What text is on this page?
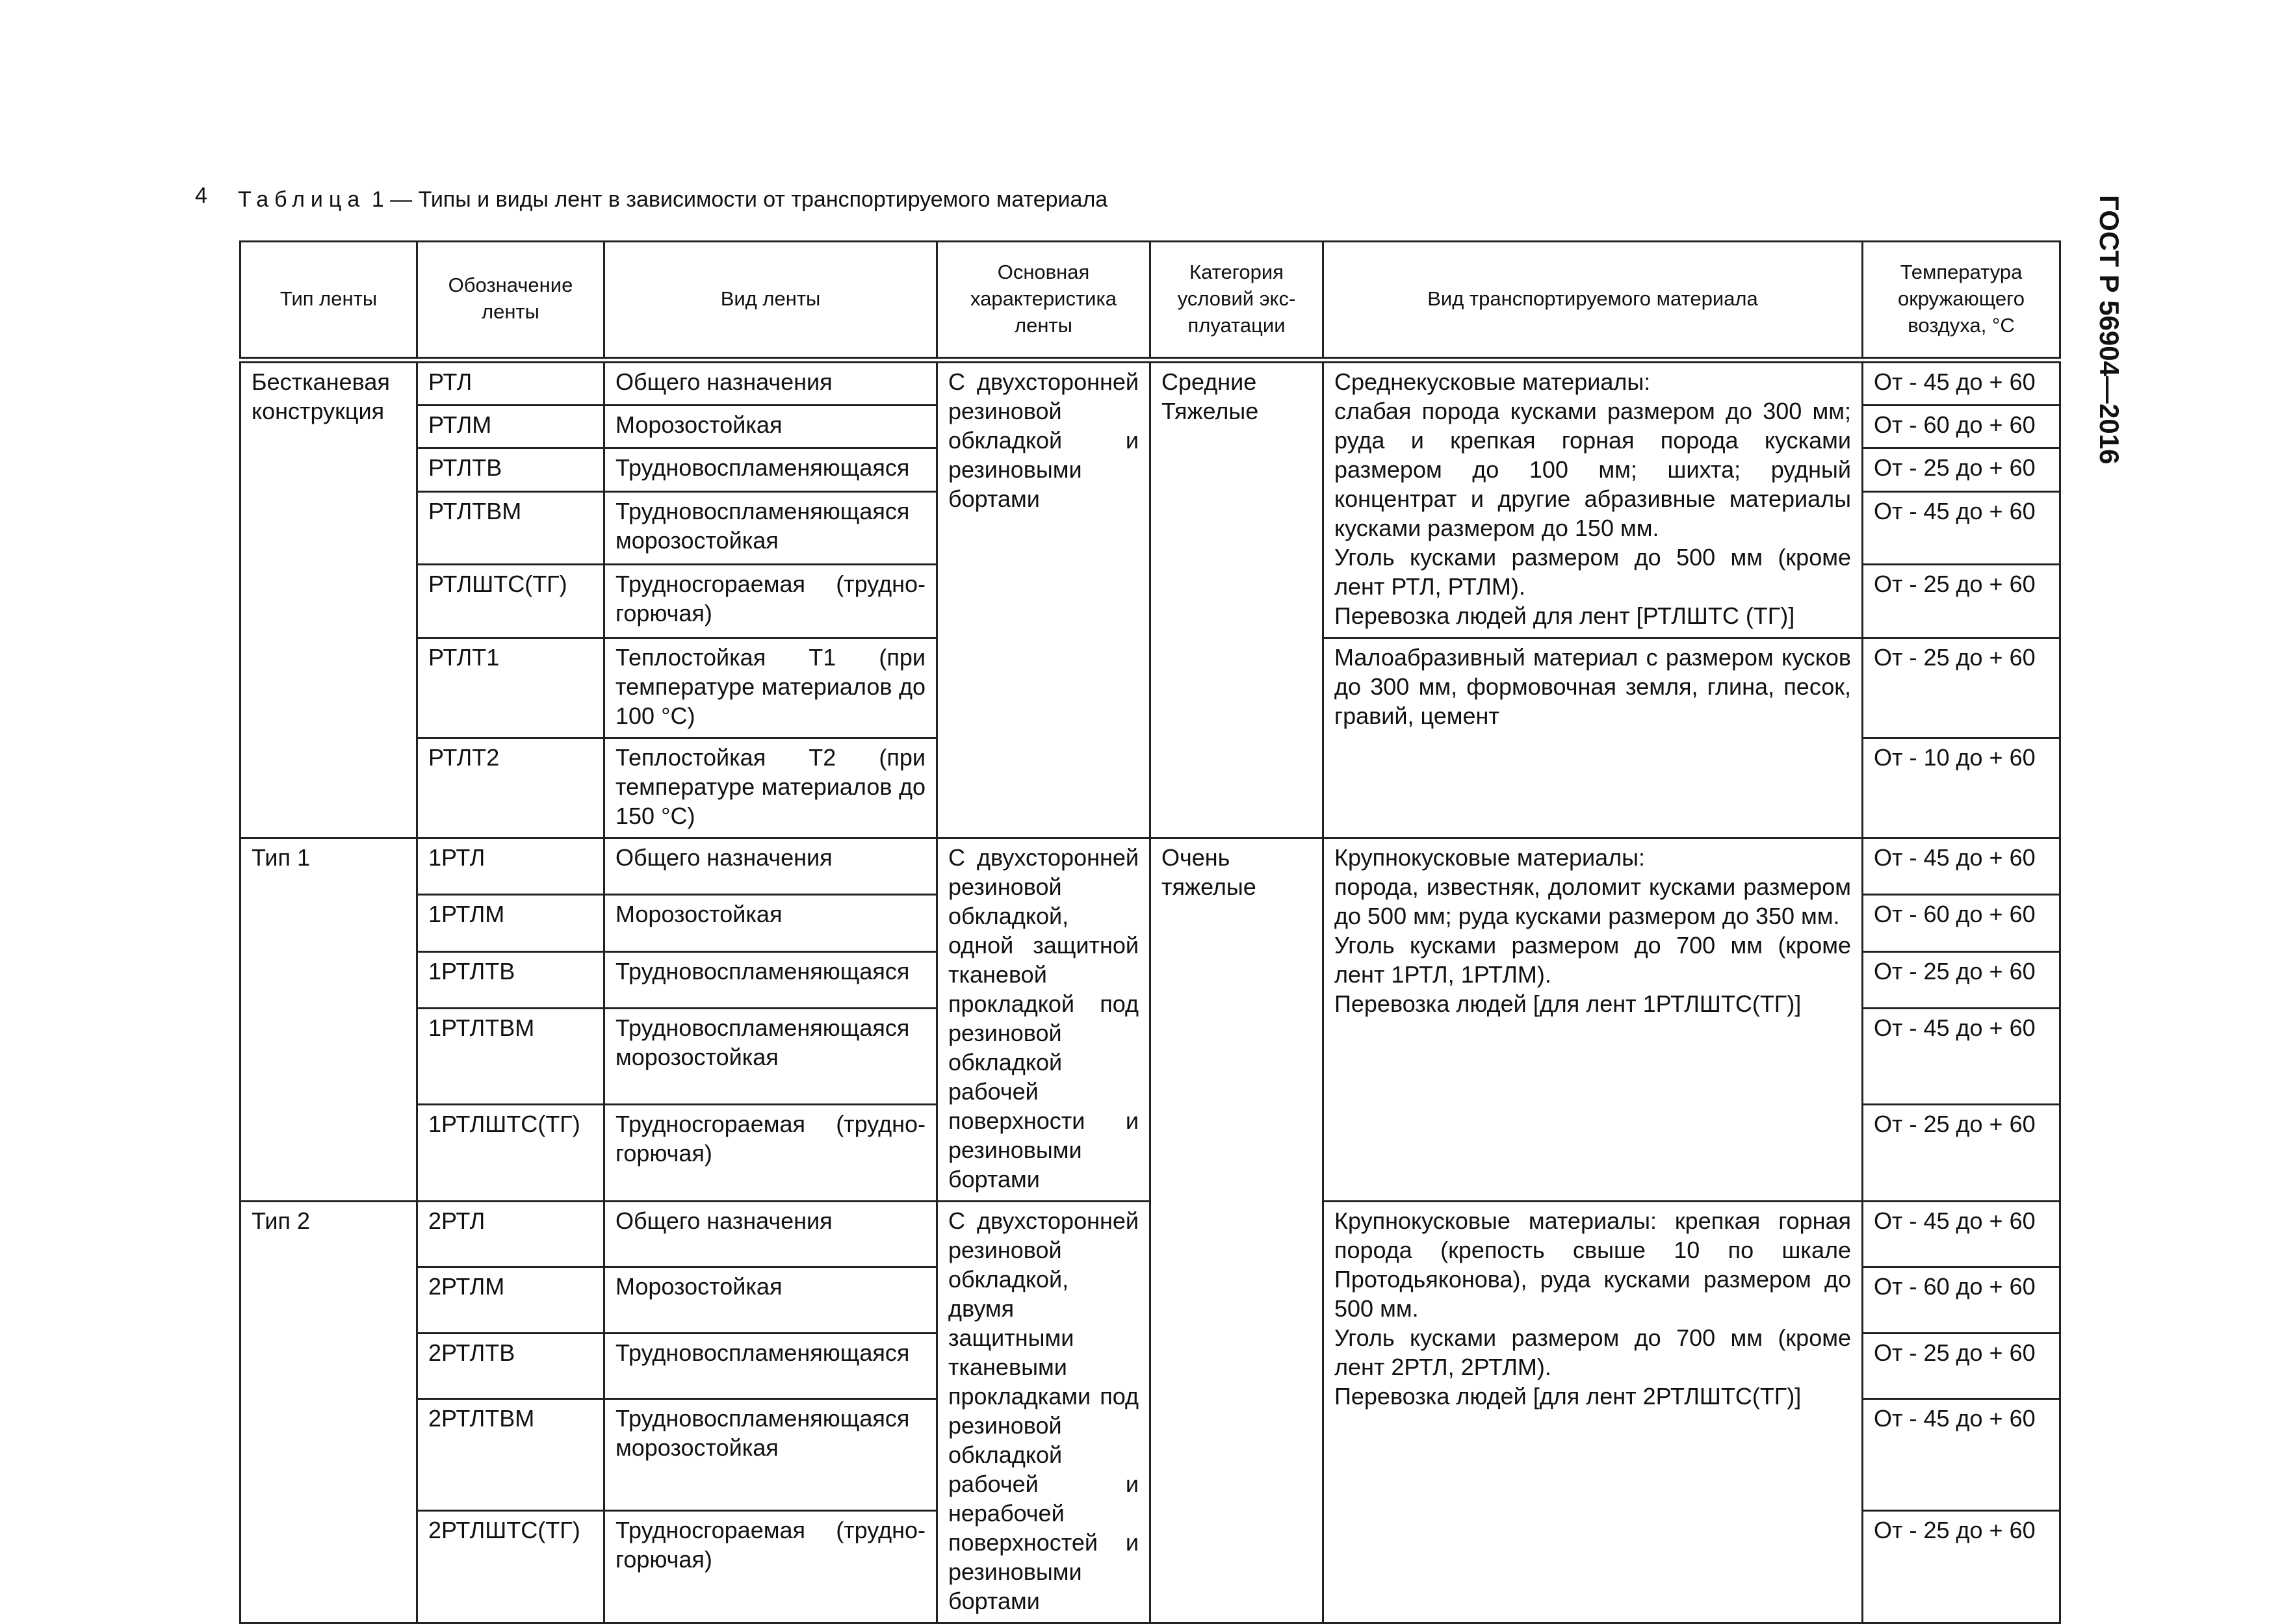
4 Таблица 1 — Типы и виды лент в зависимости от транспортируемого материала	ГОСТ Р 56904—2016
Тип ленты	Обозначение ленты	Вид ленты	Основная характеристика ленты	Категория условий экс-плуатации	Вид транспортируемого материала	Температура окружающего воздуха, °С
Бестканевая конструкция	РТЛ	Общего назначения	С двухсторонней резиновой обкладкой и резиновыми бортами	Средние Тяжелые	Среднекусковые материалы:
слабая порода кусками размером до 300 мм; руда и крепкая горная порода кусками размером до 100 мм; шихта; рудный концентрат и другие абразивные материалы кусками размером до 150 мм.
Уголь кусками размером до 500 мм (кроме лент РТЛ, РТЛМ).
Перевозка людей для лент [РТЛШТС (ТГ)]	От - 45 до + 60
	РТЛМ	Морозостойкая				От - 60 до + 60
	РТЛТВ	Трудновоспламеняющаяся				От - 25 до + 60
	РТЛТВМ	Трудновоспламеняющаяся морозостойкая				От - 45 до + 60
	РТЛШТС(ТГ)	Трудносгораемая (трудно-горючая)				От - 25 до + 60
	РТЛТ1	Теплостойкая Т1 (при температуре материалов до 100 °С)			Малоабразивный материал с размером кусков до 300 мм, формовочная земля, глина, песок, гравий, цемент	От - 25 до + 60
	РТЛТ2	Теплостойкая Т2 (при температуре материалов до 150 °С)				От - 10 до + 60
Тип 1	1РТЛ	Общего назначения	С двухсторонней резиновой обкладкой, одной защитной тканевой прокладкой под резиновой обкладкой рабочей поверхности и резиновыми бортами	Очень тяжелые	Крупнокусковые материалы:
порода, известняк, доломит кусками размером до 500 мм; руда кусками размером до 350 мм.
Уголь кусками размером до 700 мм (кроме лент 1РТЛ, 1РТЛМ).
Перевозка людей [для лент 1РТЛШТС(ТГ)]	От - 45 до + 60
	1РТЛМ	Морозостойкая				От - 60 до + 60
	1РТЛТВ	Трудновоспламеняющаяся				От - 25 до + 60
	1РТЛТВМ	Трудновоспламеняющаяся морозостойкая				От - 45 до + 60
	1РТЛШТС(ТГ)	Трудносгораемая (трудно-горючая)				От - 25 до + 60
Тип 2	2РТЛ	Общего назначения	С двухсторонней резиновой обкладкой, двумя защитными тканевыми прокладками под резиновой обкладкой рабочей и нерабочей поверхностей и резиновыми бортами		Крупнокусковые материалы: крепкая горная порода (крепость свыше 10 по шкале Протодьяконова), руда кусками размером до 500 мм.
Уголь кусками размером до 700 мм (кроме лент 2РТЛ, 2РТЛМ).
Перевозка людей [для лент 2РТЛШТС(ТГ)]	От - 45 до + 60
	2РТЛМ	Морозостойкая				От - 60 до + 60
	2РТЛТВ	Трудновоспламеняющаяся				От - 25 до + 60
	2РТЛТВМ	Трудновоспламеняющаяся морозостойкая				От - 45 до + 60
	2РТЛШТС(ТГ)	Трудносгораемая (трудно-горючая)				От - 25 до + 60
